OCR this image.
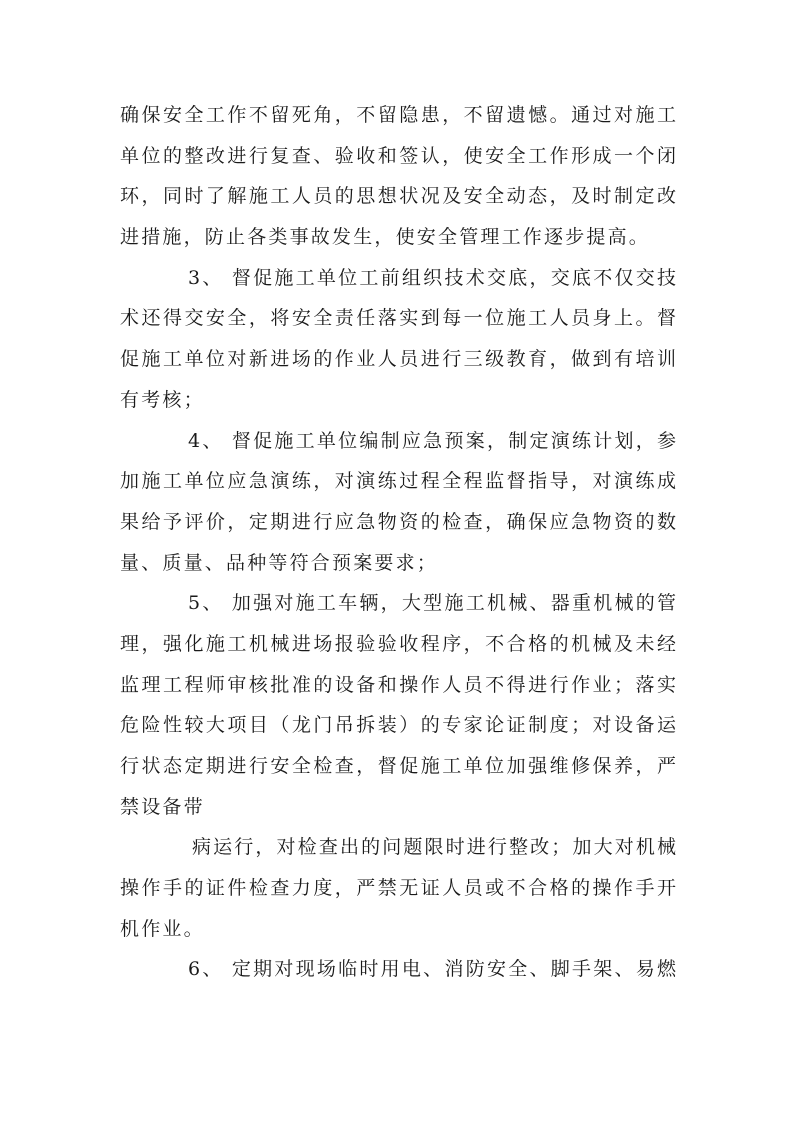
确保安全工作不留死角，不留隐患，不留遗憾。通过对施工
单位的整改进行复查、验收和签认，使安全工作形成一个闭
环，同时了解施工人员的思想状况及安全动态，及时制定改
进措施，防止各类事故发生，使安全管理工作逐步提高。
3、 督促施工单位工前组织技术交底，交底不仅交技
术还得交安全，将安全责任落实到每一位施工人员身上。督
促施工单位对新进场的作业人员进行三级教育，做到有培训
有考核；
4、 督促施工单位编制应急预案，制定演练计划，参
加施工单位应急演练，对演练过程全程监督指导，对演练成
果给予评价，定期进行应急物资的检查，确保应急物资的数
量、质量、品种等符合预案要求；
5、 加强对施工车辆，大型施工机械、器重机械的管
理，强化施工机械进场报验验收程序，不合格的机械及未经
监理工程师审核批准的设备和操作人员不得进行作业；落实
危险性较大项目（龙门吊拆装）的专家论证制度；对设备运
行状态定期进行安全检查，督促施工单位加强维修保养，严
禁设备带
病运行，对检查出的问题限时进行整改；加大对机械
操作手的证件检查力度，严禁无证人员或不合格的操作手开
机作业。
6、 定期对现场临时用电、消防安全、脚手架、易燃
